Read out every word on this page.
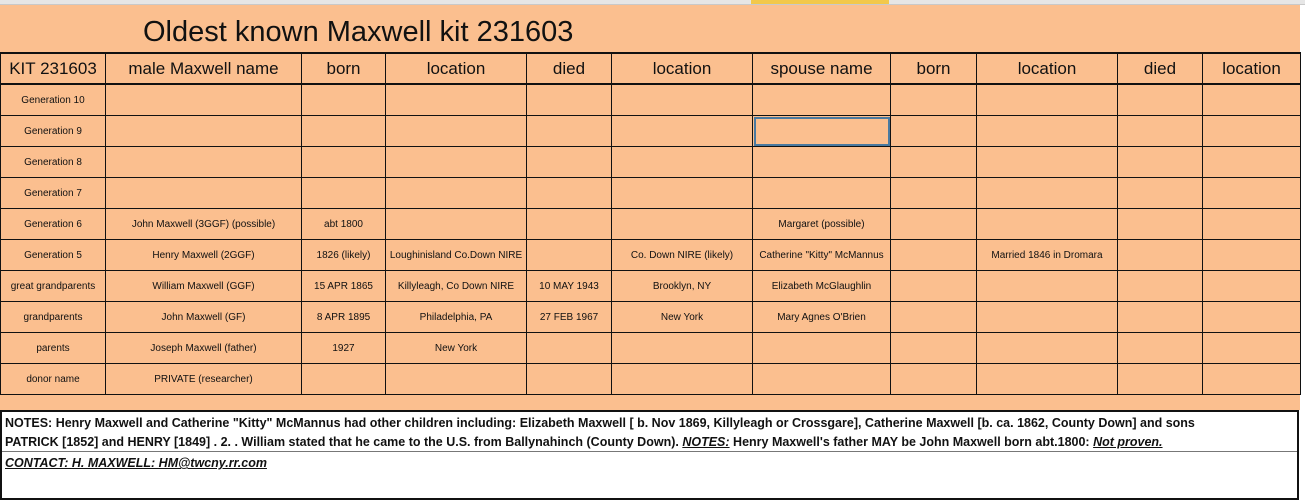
Oldest known Maxwell kit 231603
KIT 231603	male Maxwell name	born	location	died	location	spouse name	born	location	died	location
Generation 10										
Generation 9										
Generation 8										
Generation 7										
Generation 6	John Maxwell (3GGF) (possible)	abt 1800				Margaret (possible)				
Generation 5	Henry Maxwell (2GGF)	1826 (likely)	Loughinisland Co.Down NIRE		Co. Down NIRE (likely)	Catherine "Kitty" McMannus		Married 1846 in Dromara		
great grandparents	William Maxwell (GGF)	15 APR 1865	Killyleagh, Co Down NIRE	10 MAY 1943	Brooklyn, NY	Elizabeth McGlaughlin				
grandparents	John Maxwell (GF)	8 APR 1895	Philadelphia, PA	27 FEB 1967	New York	Mary Agnes O'Brien				
parents	Joseph Maxwell (father)	1927	New York							
donor name	PRIVATE (researcher)									
NOTES: Henry Maxwell and Catherine "Kitty" McMannus had other children including: Elizabeth Maxwell [ b. Nov 1869, Killyleagh or Crossgare], Catherine Maxwell [b. ca. 1862, County Down] and sons
PATRICK [1852] and HENRY [1849] . 2. . William stated that he came to the U.S. from Ballynahinch (County Down). NOTES: Henry Maxwell's father MAY be John Maxwell born abt.1800: Not proven.
CONTACT: H. MAXWELL: HM@twcny.rr.com
